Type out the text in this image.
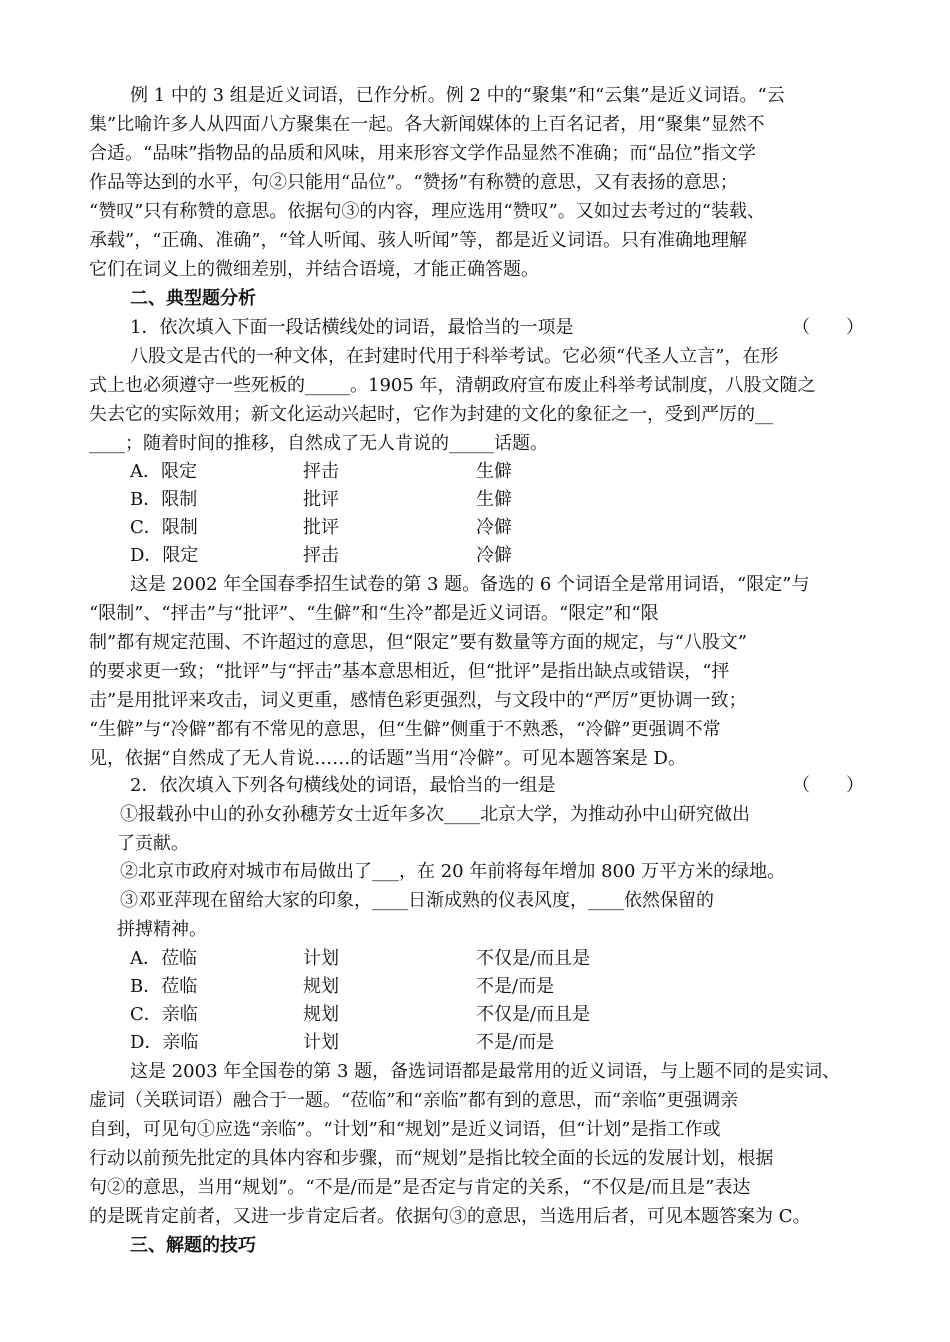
例 1 中的 3 组是近义词语，已作分析。例 2 中的“聚集”和“云集”是近义词语。“云
集”比喻许多人从四面八方聚集在一起。各大新闻媒体的上百名记者，用“聚集”显然不
合适。“品味”指物品的品质和风味，用来形容文学作品显然不准确；而“品位”指文学
作品等达到的水平，句②只能用“品位”。“赞扬”有称赞的意思，又有表扬的意思；
“赞叹”只有称赞的意思。依据句③的内容，理应选用“赞叹”。又如过去考过的“装载、
承载”，“正确、准确”，“耸人听闻、骇人听闻”等，都是近义词语。只有准确地理解
它们在词义上的微细差别，并结合语境，才能正确答题。
二、典型题分析
1．依次填入下面一段话横线处的词语，最恰当的一项是	（　　）
八股文是古代的一种文体，在封建时代用于科举考试。它必须“代圣人立言”，在形
式上也必须遵守一些死板的_____。1905 年，清朝政府宣布废止科举考试制度，八股文随之
失去它的实际效用；新文化运动兴起时，它作为封建的文化的象征之一，受到严厉的__
____；随着时间的推移，自然成了无人肯说的_____话题。
A．限定	抨击	生僻
B．限制	批评	生僻
C．限制	批评	冷僻
D．限定	抨击	冷僻
这是 2002 年全国春季招生试卷的第 3 题。备选的 6 个词语全是常用词语，“限定”与
“限制”、“抨击”与“批评”、“生僻”和“生冷”都是近义词语。“限定”和“限
制”都有规定范围、不许超过的意思，但“限定”要有数量等方面的规定，与“八股文”
的要求更一致；“批评”与“抨击”基本意思相近，但“批评”是指出缺点或错误，“抨
击”是用批评来攻击，词义更重，感情色彩更强烈，与文段中的“严厉”更协调一致；
“生僻”与“冷僻”都有不常见的意思，但“生僻”侧重于不熟悉，“冷僻”更强调不常
见，依据“自然成了无人肯说……的话题”当用“冷僻”。可见本题答案是 D。
2．依次填入下列各句横线处的词语，最恰当的一组是	（　　）
①报载孙中山的孙女孙穗芳女士近年多次____北京大学，为推动孙中山研究做出
了贡献。
②北京市政府对城市布局做出了___，在 20 年前将每年增加 800 万平方米的绿地。
③邓亚萍现在留给大家的印象，____日渐成熟的仪表风度，____依然保留的
拼搏精神。
A．莅临	计划	不仅是/而且是
B．莅临	规划	不是/而是
C．亲临	规划	不仅是/而且是
D．亲临	计划	不是/而是
这是 2003 年全国卷的第 3 题，备选词语都是最常用的近义词语，与上题不同的是实词、
虚词（关联词语）融合于一题。“莅临”和“亲临”都有到的意思，而“亲临”更强调亲
自到，可见句①应选“亲临”。“计划”和“规划”是近义词语，但“计划”是指工作或
行动以前预先批定的具体内容和步骤，而“规划”是指比较全面的长远的发展计划，根据
句②的意思，当用“规划”。“不是/而是”是否定与肯定的关系，“不仅是/而且是”表达
的是既肯定前者，又进一步肯定后者。依据句③的意思，当选用后者，可见本题答案为 C。
三、解题的技巧
